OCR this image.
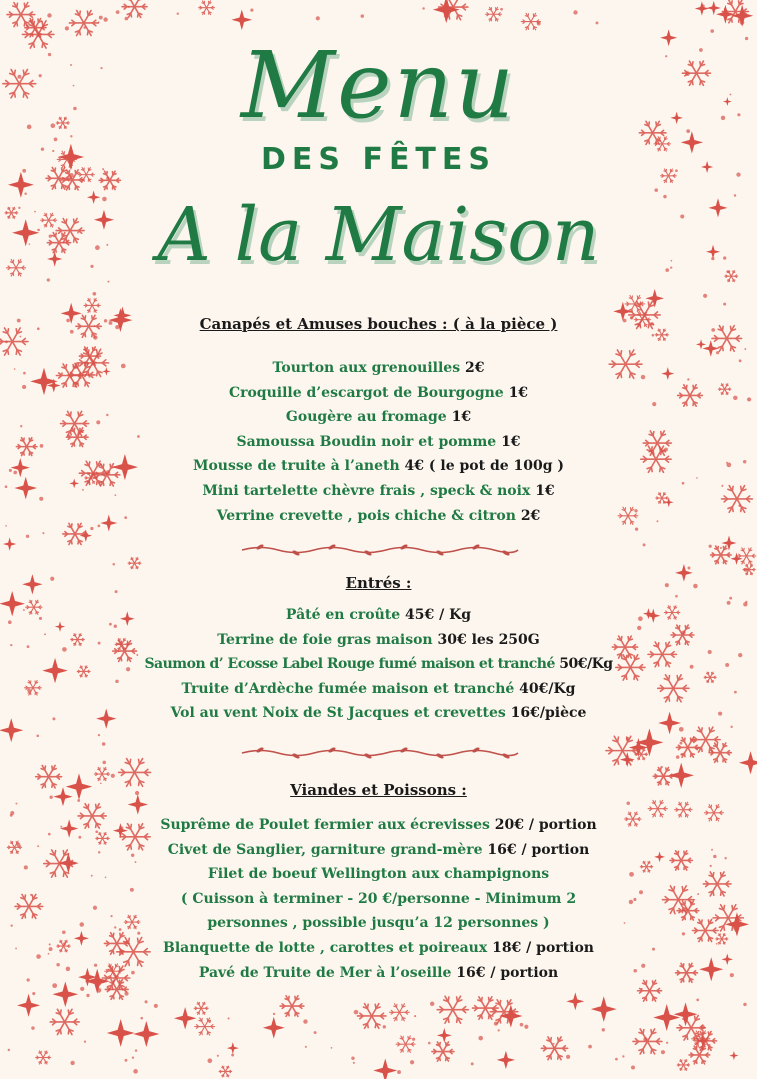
Menu
DES FÊTES
A la Maison
Canapés et Amuses bouches : ( à la pièce )
Tourton aux grenouilles 2€
Croquille d’escargot de Bourgogne 1€
Gougère au fromage 1€
Samoussa Boudin noir et pomme 1€
Mousse de truite à l’aneth 4€ ( le pot de 100g )
Mini tartelette chèvre frais , speck & noix 1€
Verrine crevette , pois chiche & citron 2€
Entrés :
Pâté en croûte 45€ / Kg
Terrine de foie gras maison 30€ les 250G
Saumon d’ Ecosse Label Rouge fumé maison et tranché 50€/Kg
Truite d’Ardèche fumée maison et tranché 40€/Kg
Vol au vent Noix de St Jacques et crevettes 16€/pièce
Viandes et Poissons :
Suprême de Poulet fermier aux écrevisses 20€ / portion
Civet de Sanglier, garniture grand-mère 16€ / portion
Filet de boeuf Wellington aux champignons
( Cuisson à terminer - 20 €/personne - Minimum 2
personnes , possible jusqu’a 12 personnes )
Blanquette de lotte , carottes et poireaux 18€ / portion
Pavé de Truite de Mer à l’oseille 16€ / portion
